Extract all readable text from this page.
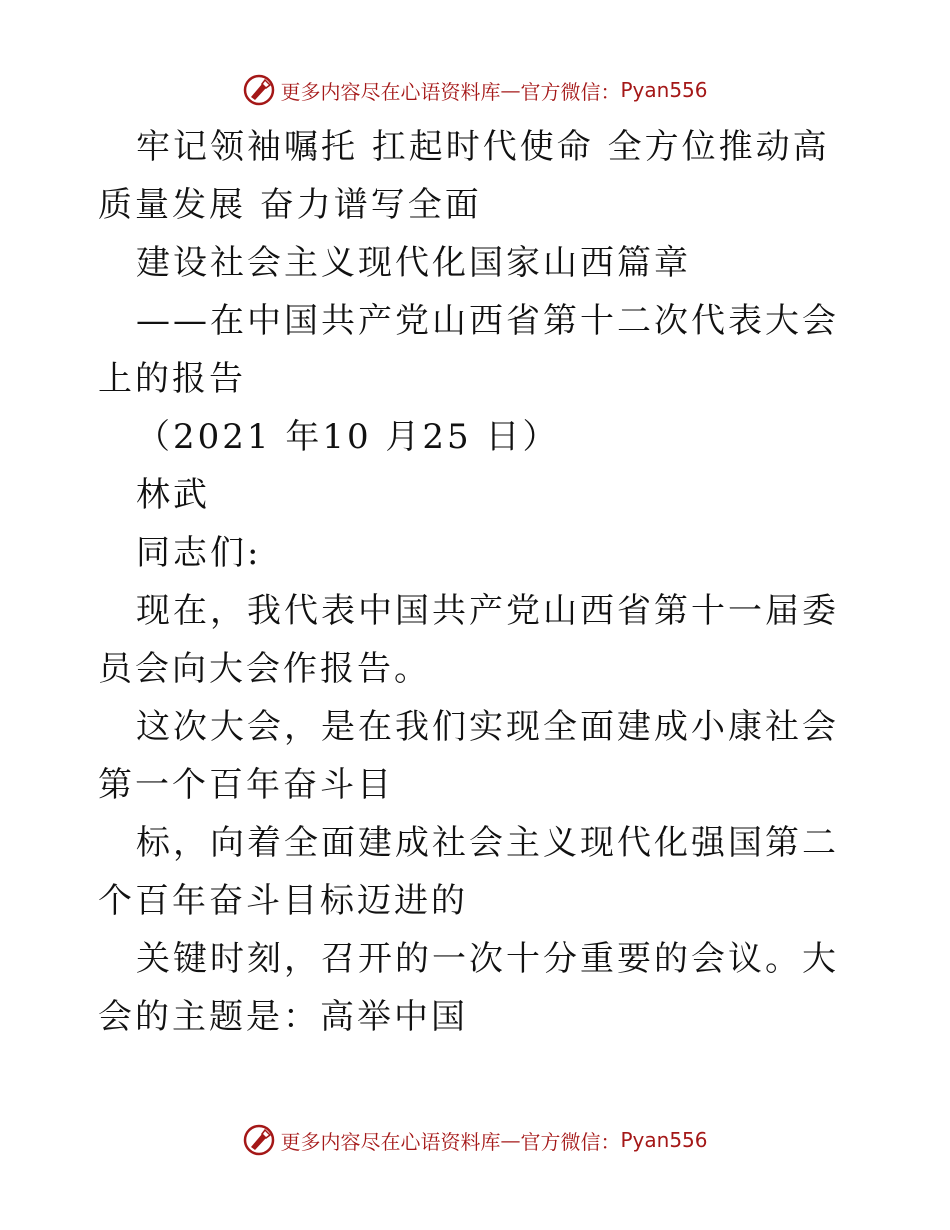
更多内容尽在心语资料库 — 官方微信： Pyan556

牢记领袖嘱托 扛起时代使命 全方位推动高质量发展 奋力谱写全面

建设社会主义现代化国家山西篇章

——在中国共产党山西省第十二次代表大会上的报告

（2021 年10 月25 日）

林武

同志们:

现在，我代表中国共产党山西省第十一届委员会向大会作报告。

这次大会，是在我们实现全面建成小康社会第一个百年奋斗目

标，向着全面建成社会主义现代化强国第二个百年奋斗目标迈进的

关键时刻，召开的一次十分重要的会议。大会的主题是：高举中国

更多内容尽在心语资料库 — 官方微信： Pyan556
